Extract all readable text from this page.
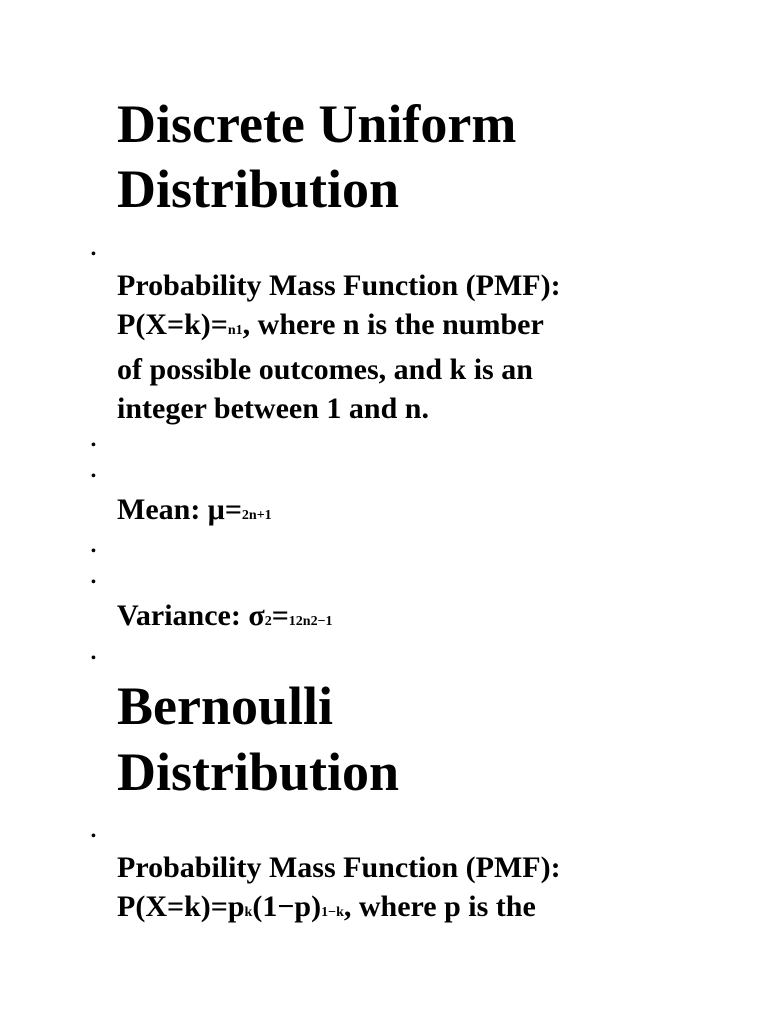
Discrete Uniform
Distribution
•
Probability Mass Function (PMF):
P(X=k)=n1, where n is the number
of possible outcomes, and k is an
integer between 1 and n.
•
•
Mean: μ=2n+1
•
•
Variance: σ2=12n2−1
•
Bernoulli
Distribution
•
Probability Mass Function (PMF):
P(X=k)=pk(1−p)1−k, where p is the
